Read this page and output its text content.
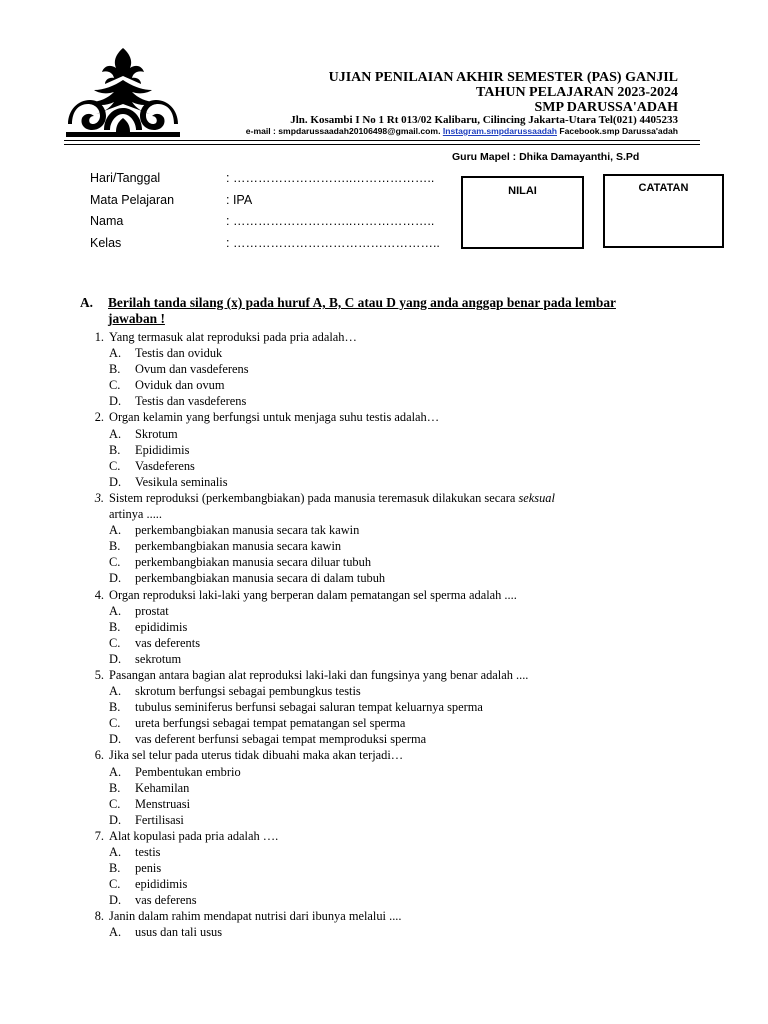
UJIAN PENILAIAN AKHIR SEMESTER (PAS) GANJIL
TAHUN PELAJARAN 2023-2024
SMP DARUSSA'ADAH
Jln. Kosambi I No 1 Rt 013/02 Kalibaru, Cilincing Jakarta-Utara Tel(021) 4405233
e-mail : smpdarussaadah20106498@gmail.com. Instagram.smpdarussaadah Facebook.smp Darussa'adah
Guru Mapel : Dhika Damayanthi, S.Pd
Hari/Tanggal	: ………………………..………………..
Mata Pelajaran	: IPA
Nama	: ………………………..………………..
Kelas	: …………………………………………..
NILAI	CATATAN
A. Berilah tanda silang (x) pada huruf A, B, C atau D yang anda anggap benar pada lembar
jawaban !
1. Yang termasuk alat reproduksi pada pria adalah…
A. Testis dan oviduk
B. Ovum dan vasdeferens
C. Oviduk dan ovum
D. Testis dan vasdeferens
2. Organ kelamin yang berfungsi untuk menjaga suhu testis adalah…
A. Skrotum
B. Epididimis
C. Vasdeferens
D. Vesikula seminalis
3. Sistem reproduksi (perkembangbiakan) pada manusia teremasuk dilakukan secara seksual
artinya .....
A. perkembangbiakan manusia secara tak kawin
B. perkembangbiakan manusia secara kawin
C. perkembangbiakan manusia secara diluar tubuh
D. perkembangbiakan manusia secara di dalam tubuh
4. Organ reproduksi laki-laki yang berperan dalam pematangan sel sperma adalah ....
A. prostat
B. epididimis
C. vas deferents
D. sekrotum
5. Pasangan antara bagian alat reproduksi laki-laki dan fungsinya yang benar adalah ....
A. skrotum berfungsi sebagai pembungkus testis
B. tubulus seminiferus berfunsi sebagai saluran tempat keluarnya sperma
C. ureta berfungsi sebagai tempat pematangan sel sperma
D. vas deferent berfunsi sebagai tempat memproduksi sperma
6. Jika sel telur pada uterus tidak dibuahi maka akan terjadi…
A. Pembentukan embrio
B. Kehamilan
C. Menstruasi
D. Fertilisasi
7. Alat kopulasi pada pria adalah ….
A. testis
B. penis
C. epididimis
D. vas deferens
8. Janin dalam rahim mendapat nutrisi dari ibunya melalui ....
A. usus dan tali usus
